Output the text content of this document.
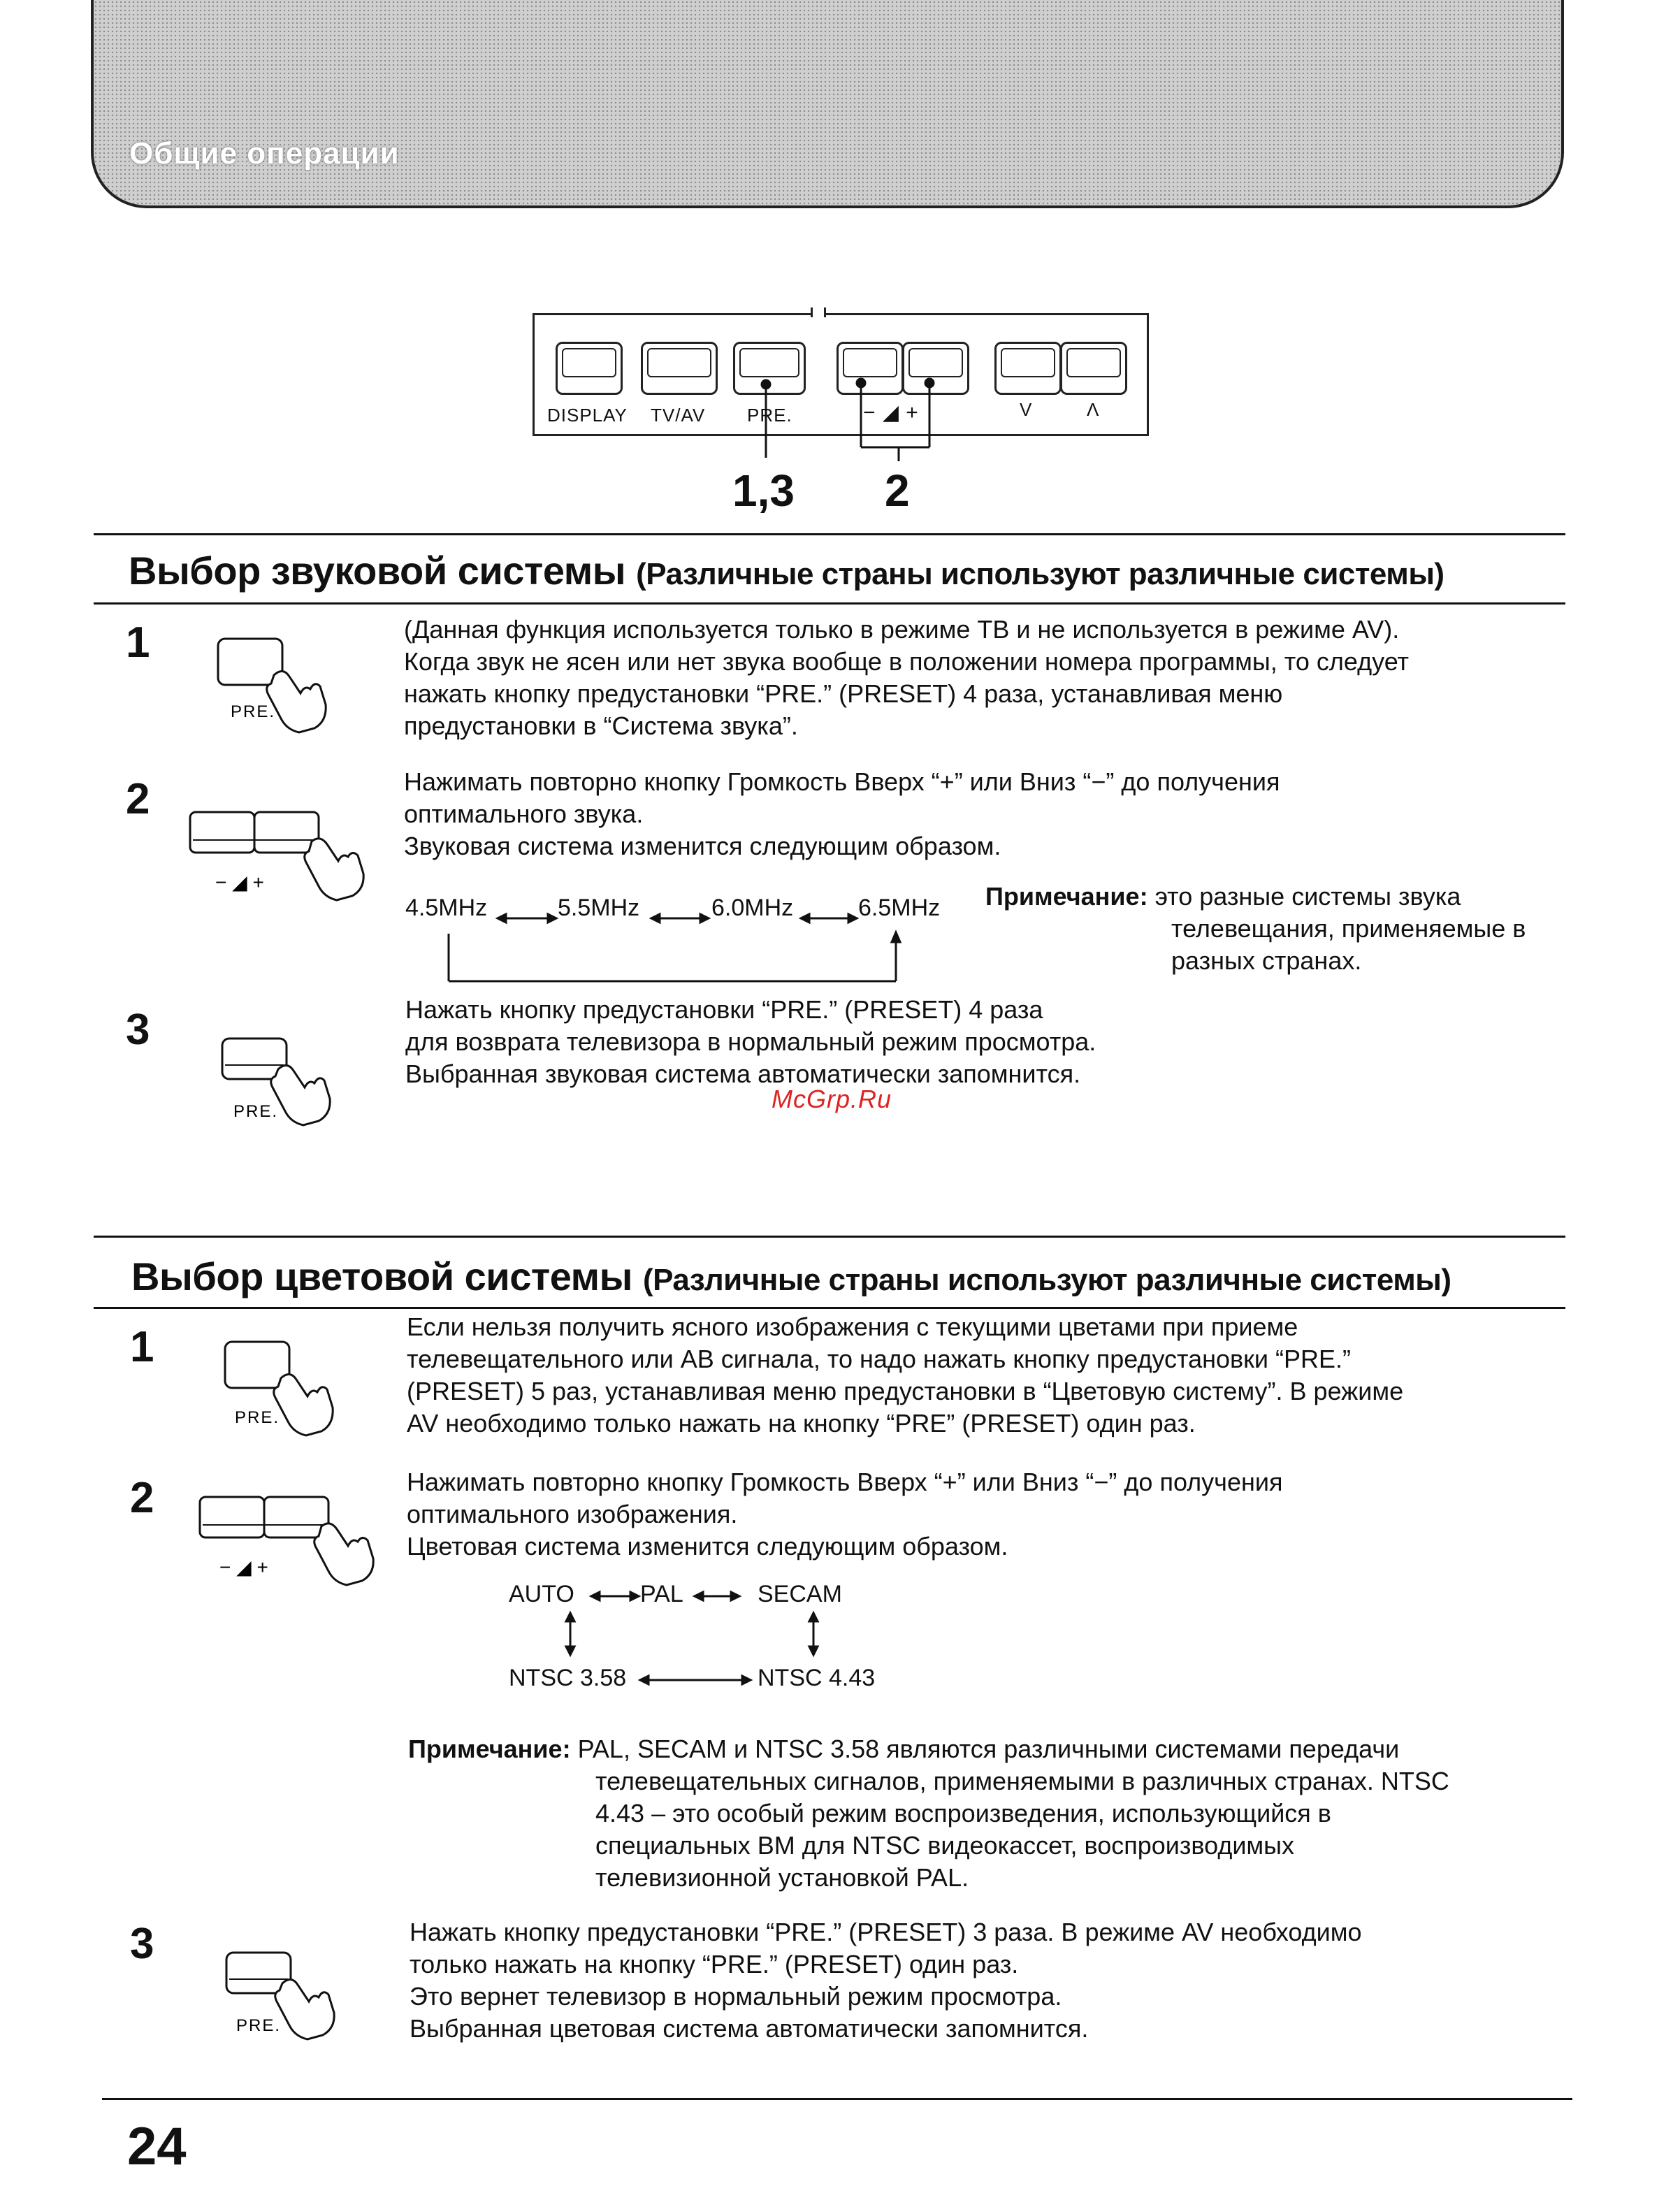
Общие операции
DISPLAY TV/AV PRE.	− ◢ +	V	Λ
1,3 2
Выбор звуковой системы (Различные страны используют различные системы)
1
PRE.
(Данная функция используется только в режиме ТВ и не используется в режиме AV).
Когда звук не ясен или нет звука вообще в положении номера программы, то следует
нажать кнопку предустановки “PRE.” (PRESET) 4 раза, устанавливая меню
предустановки в “Система звука”.
2
− ◢ +
Нажимать повторно кнопку Громкость Вверх “+” или Вниз “−” до получения
оптимального звука.
Звуковая система изменится следующим образом.
4.5MHz	5.5MHz	6.0MHz	6.5MHz Примечание: это разные системы звука
телевещания, применяемые в
разных странах.
3
PRE.
Нажать кнопку предустановки “PRE.” (PRESET) 4 раза
для возврата телевизора в нормальный режим просмотра.
Выбранная звуковая система автоматически запомнится.
McGrp.Ru
Выбор цветовой системы (Различные страны используют различные системы)
1
PRE.
Если нельзя получить ясного изображения с текущими цветами при приеме
телевещательного или АВ сигнала, то надо нажать кнопку предустановки “PRE.”
(PRESET) 5 раз, устанавливая меню предустановки в “Цветовую систему”. В режиме
AV необходимо только нажать на кнопку “PRE” (PRESET) один раз.
2
− ◢ +
Нажимать повторно кнопку Громкость Вверх “+” или Вниз “−” до получения
оптимального изображения.
Цветовая система изменится следующим образом.
AUTO	PAL	SECAM
NTSC 3.58	NTSC 4.43
Примечание: PAL, SECAM и NTSC 3.58 являются различными системами передачи
телевещательных сигналов, применяемыми в различных странах. NTSC
4.43 – это особый режим воспроизведения, использующийся в
специальных ВМ для NTSC видеокассет, воспроизводимых
телевизионной установкой PAL.
3
PRE.
Нажать кнопку предустановки “PRE.” (PRESET) 3 раза. В режиме AV необходимо
только нажать на кнопку “PRE.” (PRESET) один раз.
Это вернет телевизор в нормальный режим просмотра.
Выбранная цветовая система автоматически запомнится.
24
